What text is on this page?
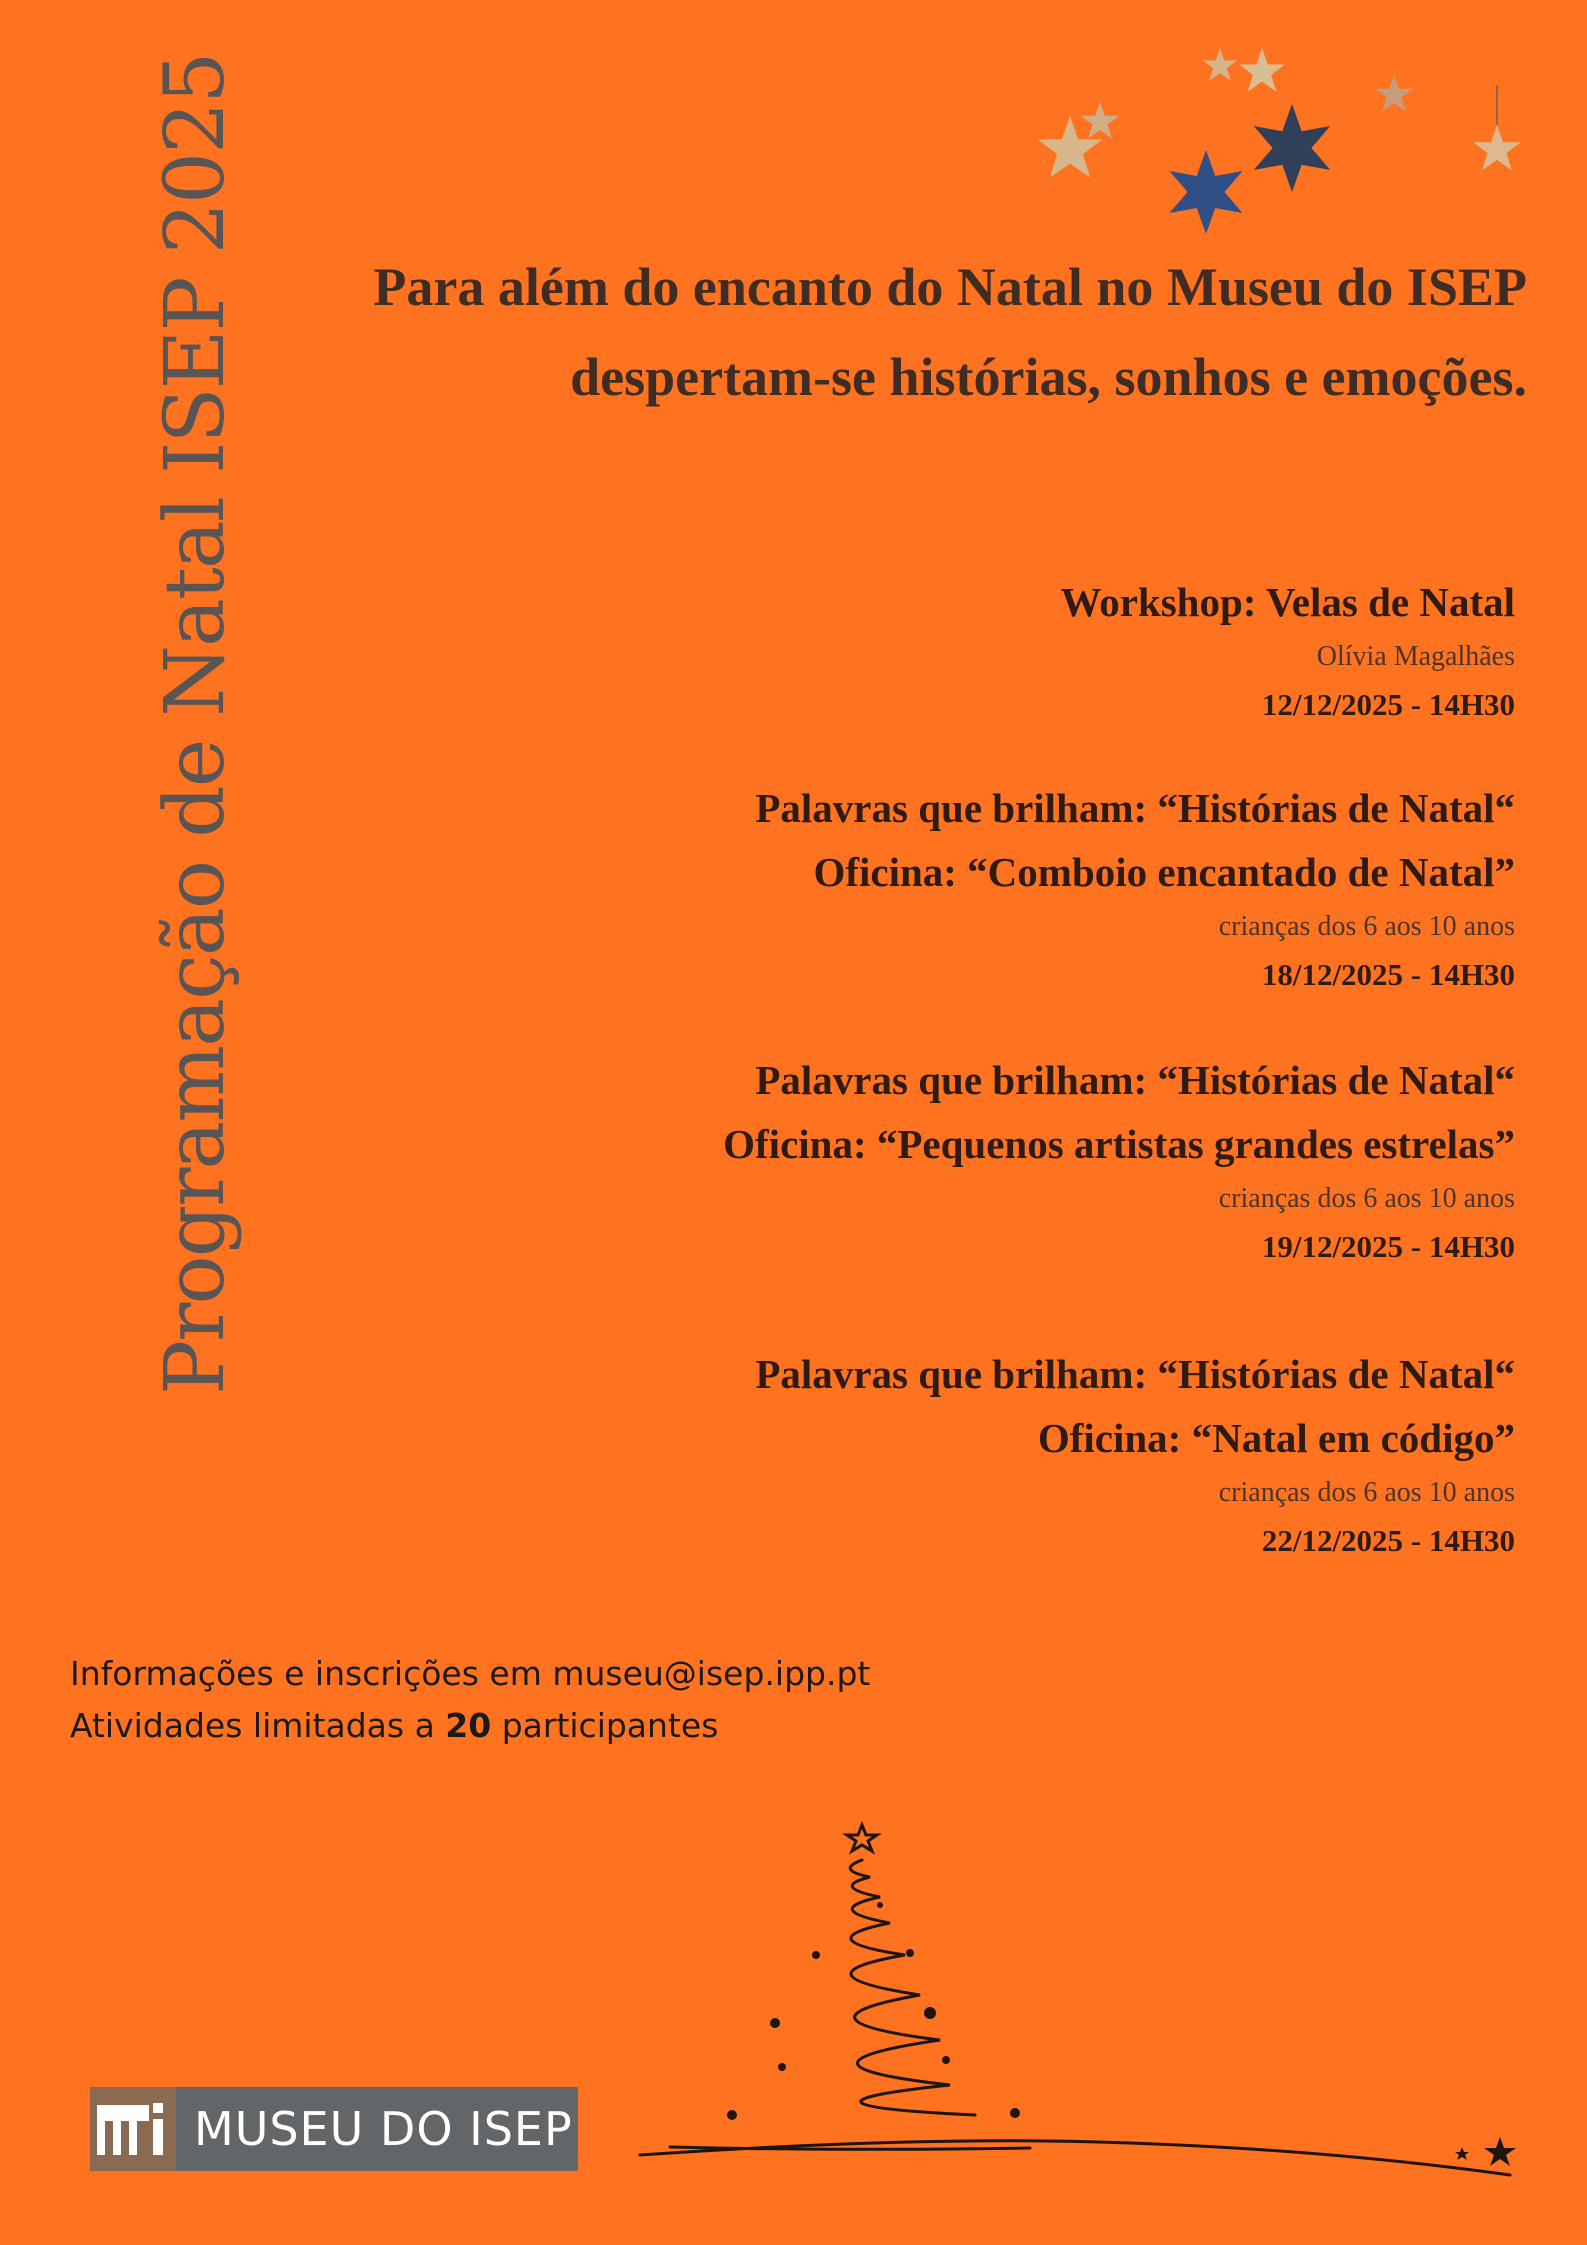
Programação de Natal ISEP 2025	Para além do encanto do Natal no Museu do ISEP
despertam-se histórias, sonhos e emoções.
Workshop: Velas de Natal
Olívia Magalhães
12/12/2025 - 14H30
Palavras que brilham: “Histórias de Natal“
Oficina: “Comboio encantado de Natal”
crianças dos 6 aos 10 anos
18/12/2025 - 14H30
Palavras que brilham: “Histórias de Natal“
Oficina: “Pequenos artistas grandes estrelas”
crianças dos 6 aos 10 anos
19/12/2025 - 14H30
Palavras que brilham: “Histórias de Natal“
Oficina: “Natal em código”
crianças dos 6 aos 10 anos
22/12/2025 - 14H30
Informações e inscrições em museu@isep.ipp.pt
Atividades limitadas a 20 participantes
MUSEU DO ISEP
